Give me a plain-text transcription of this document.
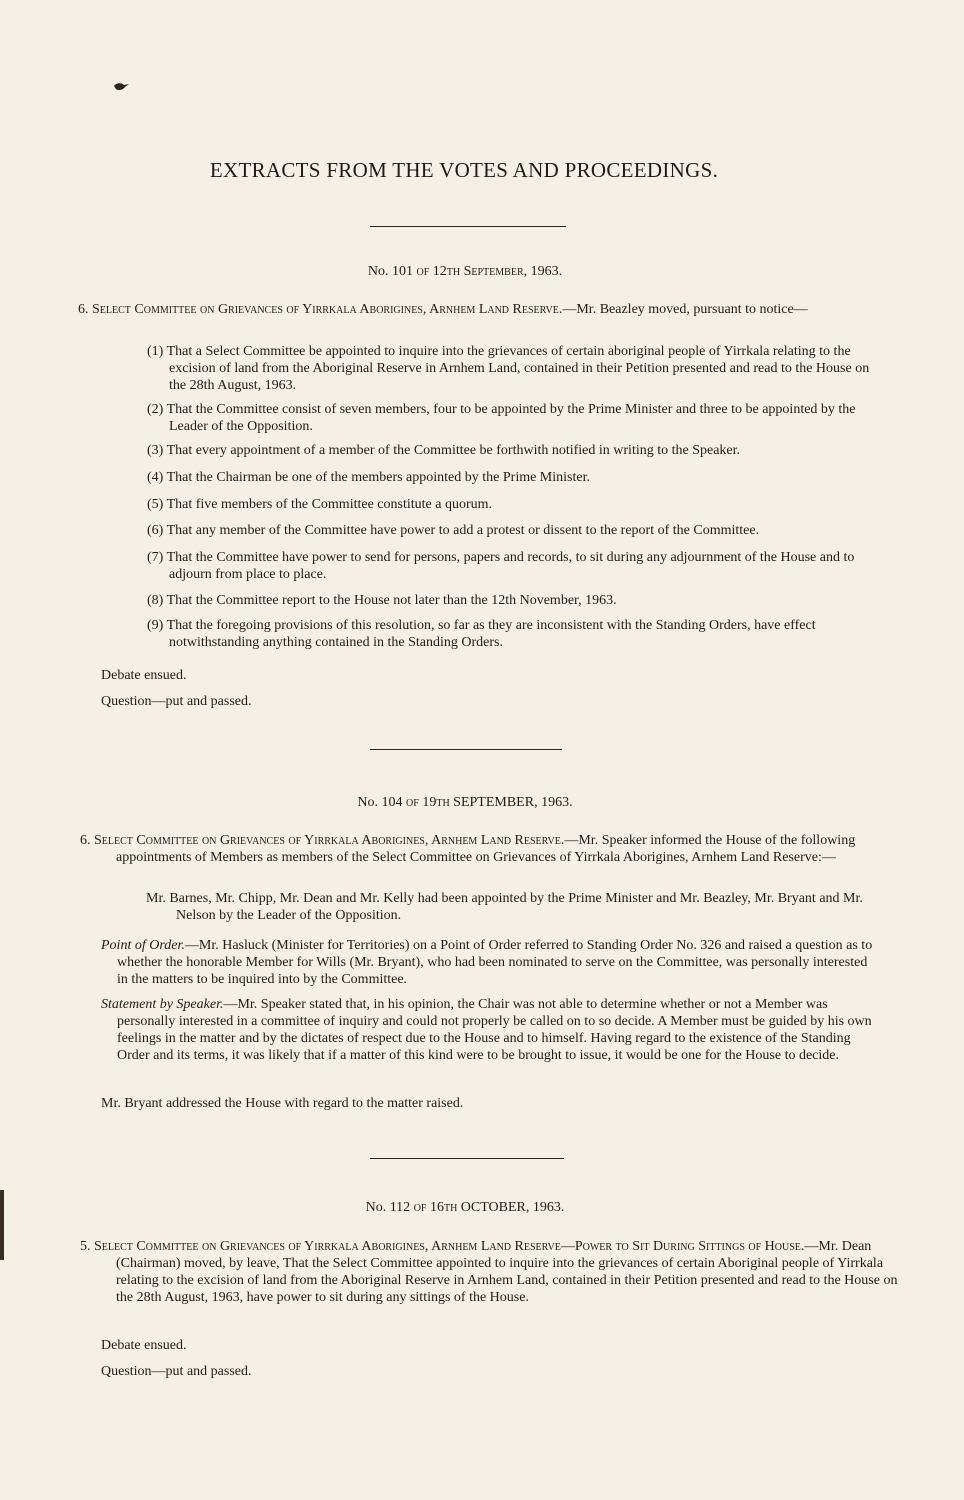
EXTRACTS FROM THE VOTES AND PROCEEDINGS.
No. 101 of 12th September, 1963.
6. Select Committee on Grievances of Yirrkala Aborigines, Arnhem Land Reserve.—Mr. Beazley moved, pursuant to notice—
(1) That a Select Committee be appointed to inquire into the grievances of certain aboriginal people of Yirrkala relating to the excision of land from the Aboriginal Reserve in Arnhem Land, contained in their Petition presented and read to the House on the 28th August, 1963.
(2) That the Committee consist of seven members, four to be appointed by the Prime Minister and three to be appointed by the Leader of the Opposition.
(3) That every appointment of a member of the Committee be forthwith notified in writing to the Speaker.
(4) That the Chairman be one of the members appointed by the Prime Minister.
(5) That five members of the Committee constitute a quorum.
(6) That any member of the Committee have power to add a protest or dissent to the report of the Committee.
(7) That the Committee have power to send for persons, papers and records, to sit during any adjournment of the House and to adjourn from place to place.
(8) That the Committee report to the House not later than the 12th November, 1963.
(9) That the foregoing provisions of this resolution, so far as they are inconsistent with the Standing Orders, have effect notwithstanding anything contained in the Standing Orders.
Debate ensued.
Question—put and passed.
No. 104 of 19th SEPTEMBER, 1963.
6. Select Committee on Grievances of Yirrkala Aborigines, Arnhem Land Reserve.—Mr. Speaker informed the House of the following appointments of Members as members of the Select Committee on Grievances of Yirrkala Aborigines, Arnhem Land Reserve:—
Mr. Barnes, Mr. Chipp, Mr. Dean and Mr. Kelly had been appointed by the Prime Minister and Mr. Beazley, Mr. Bryant and Mr. Nelson by the Leader of the Opposition.
Point of Order.—Mr. Hasluck (Minister for Territories) on a Point of Order referred to Standing Order No. 326 and raised a question as to whether the honorable Member for Wills (Mr. Bryant), who had been nominated to serve on the Committee, was personally interested in the matters to be inquired into by the Committee.
Statement by Speaker.—Mr. Speaker stated that, in his opinion, the Chair was not able to determine whether or not a Member was personally interested in a committee of inquiry and could not properly be called on to so decide. A Member must be guided by his own feelings in the matter and by the dictates of respect due to the House and to himself. Having regard to the existence of the Standing Order and its terms, it was likely that if a matter of this kind were to be brought to issue, it would be one for the House to decide.
Mr. Bryant addressed the House with regard to the matter raised.
No. 112 of 16th OCTOBER, 1963.
5. Select Committee on Grievances of Yirrkala Aborigines, Arnhem Land Reserve—Power to Sit During Sittings of House.—Mr. Dean (Chairman) moved, by leave, That the Select Committee appointed to inquire into the grievances of certain Aboriginal people of Yirrkala relating to the excision of land from the Aboriginal Reserve in Arnhem Land, contained in their Petition presented and read to the House on the 28th August, 1963, have power to sit during any sittings of the House.
Debate ensued.
Question—put and passed.
